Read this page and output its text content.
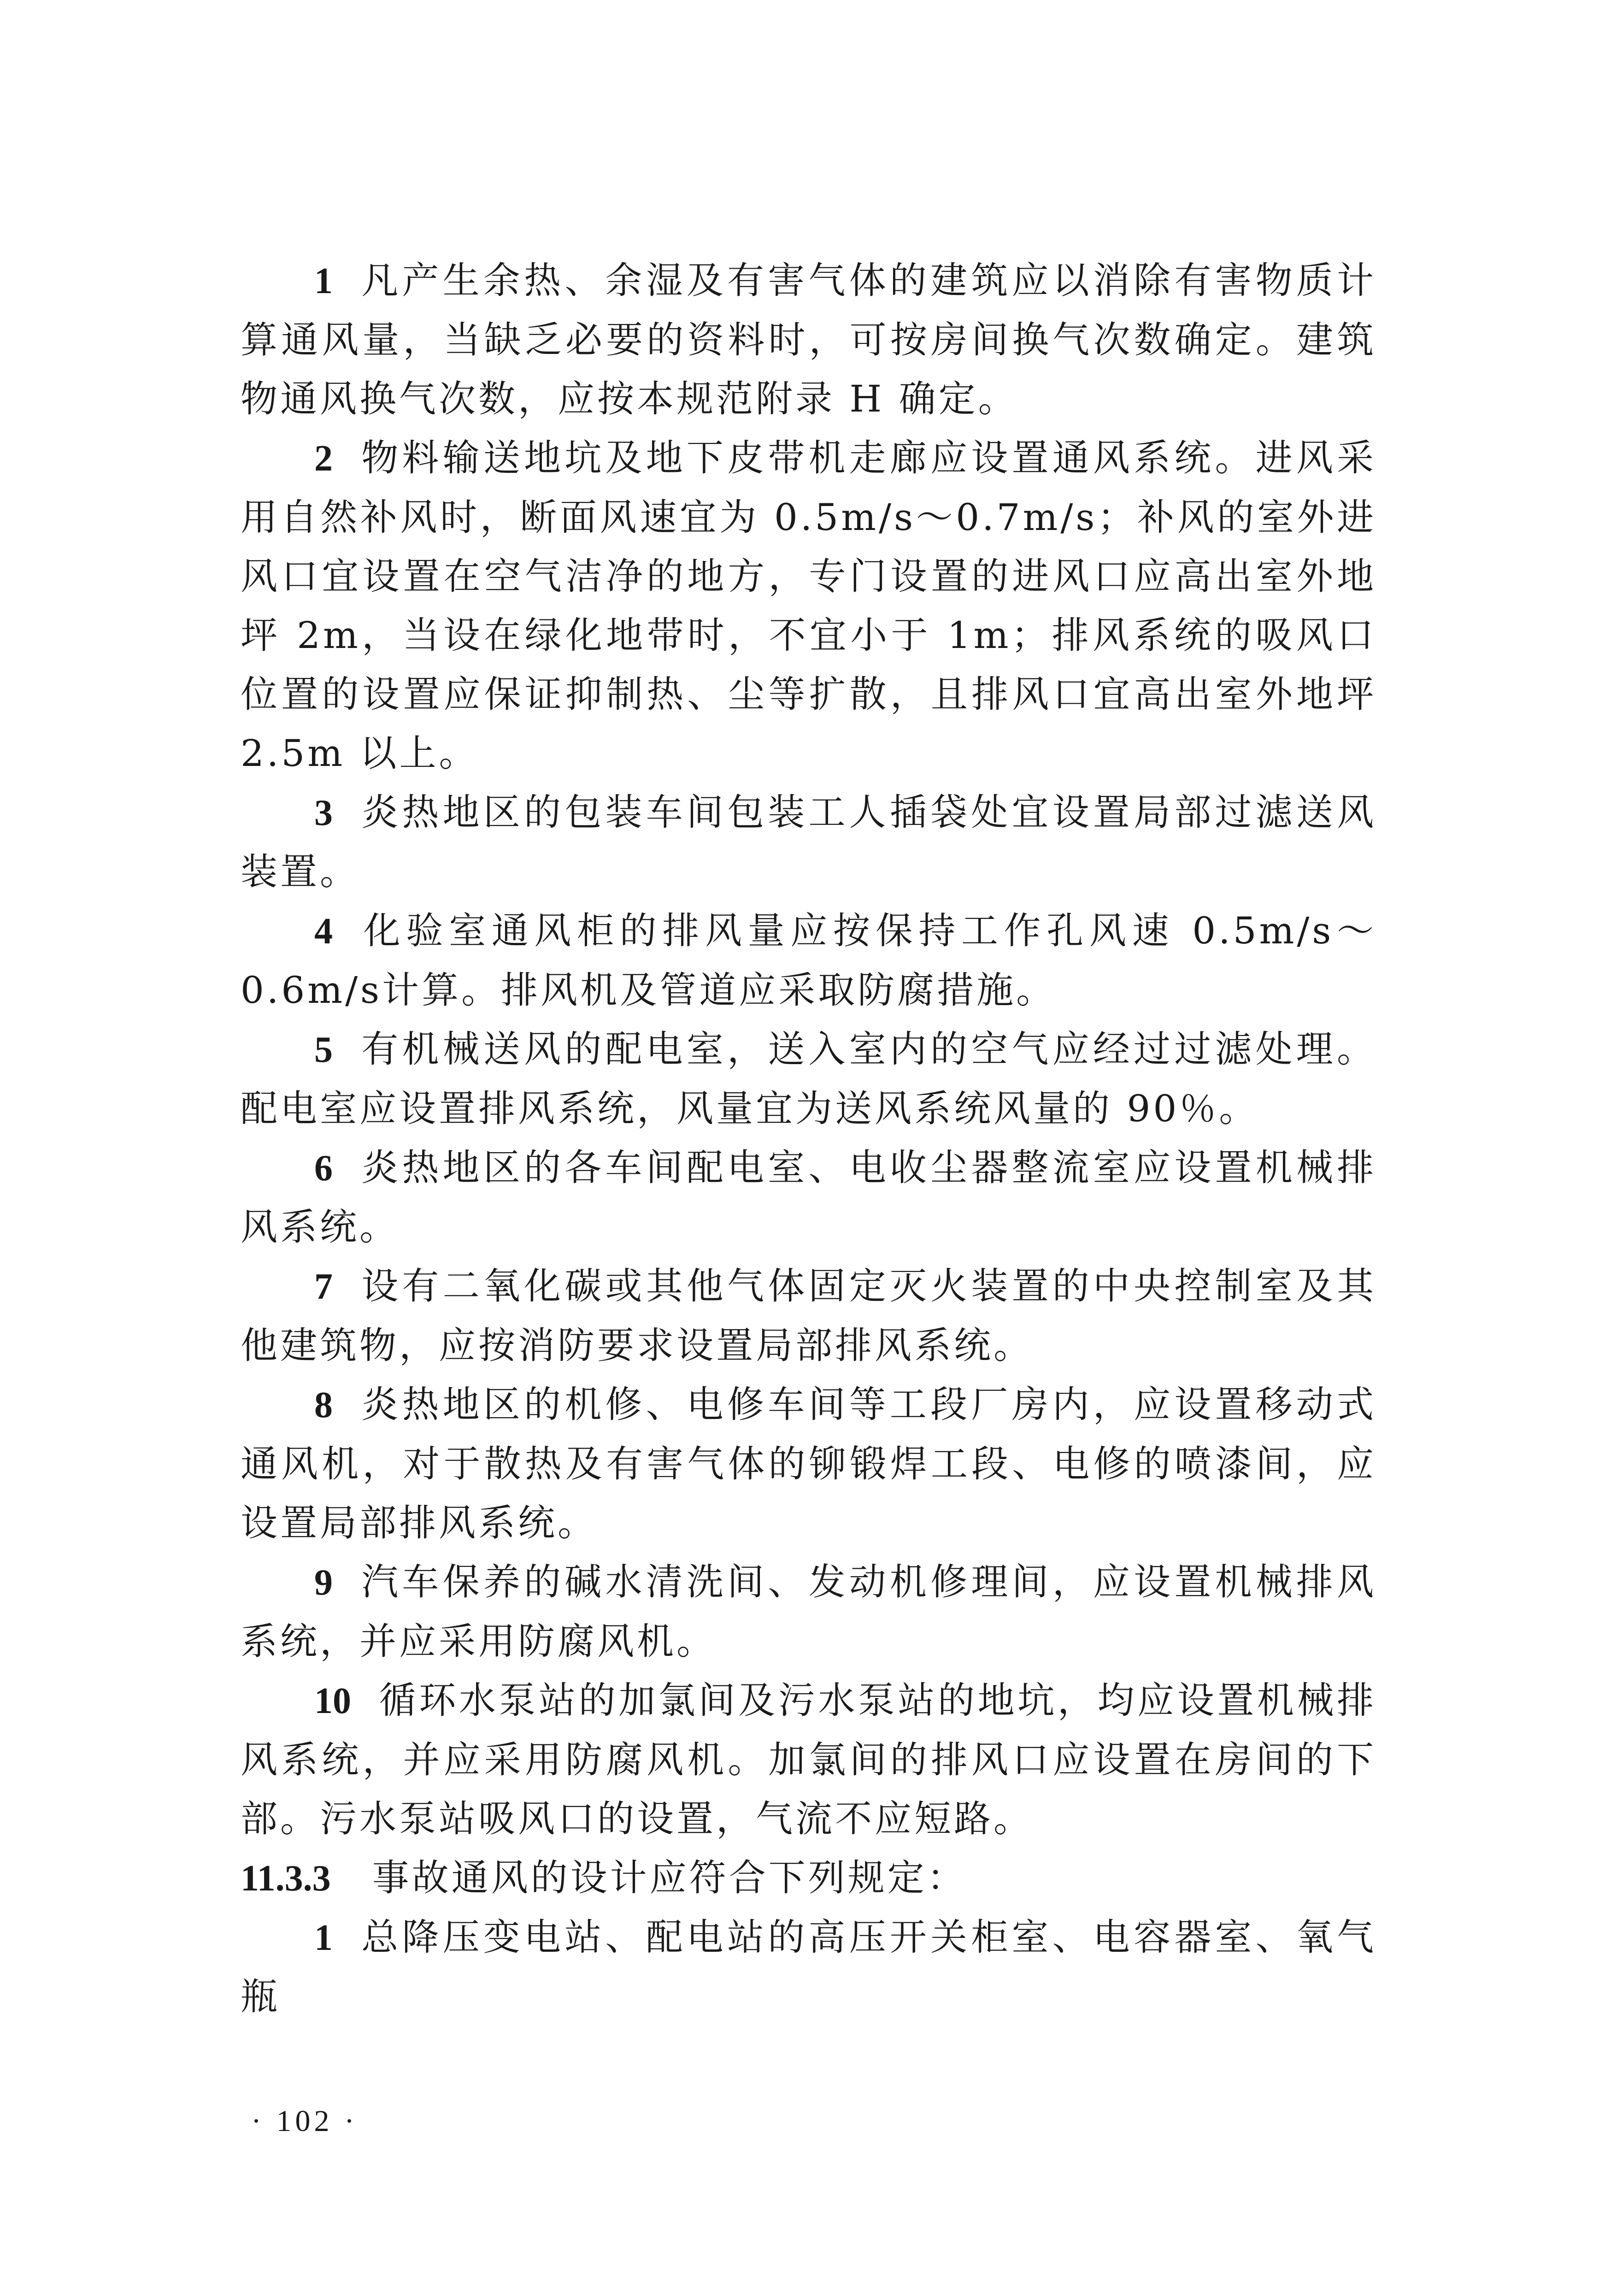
1 凡产生余热、余湿及有害气体的建筑应以消除有害物质计算通风量，当缺乏必要的资料时，可按房间换气次数确定。建筑物通风换气次数，应按本规范附录 H 确定。

2 物料输送地坑及地下皮带机走廊应设置通风系统。进风采用自然补风时，断面风速宜为 0.5m/s～0.7m/s；补风的室外进风口宜设置在空气洁净的地方，专门设置的进风口应高出室外地坪 2m，当设在绿化地带时，不宜小于 1m；排风系统的吸风口位置的设置应保证抑制热、尘等扩散，且排风口宜高出室外地坪 2.5m 以上。

3 炎热地区的包装车间包装工人插袋处宜设置局部过滤送风装置。

4 化验室通风柜的排风量应按保持工作孔风速 0.5m/s～0.6m/s计算。排风机及管道应采取防腐措施。

5 有机械送风的配电室，送入室内的空气应经过过滤处理。配电室应设置排风系统，风量宜为送风系统风量的 90％。

6 炎热地区的各车间配电室、电收尘器整流室应设置机械排风系统。

7 设有二氧化碳或其他气体固定灭火装置的中央控制室及其他建筑物，应按消防要求设置局部排风系统。

8 炎热地区的机修、电修车间等工段厂房内，应设置移动式通风机，对于散热及有害气体的铆锻焊工段、电修的喷漆间，应设置局部排风系统。

9 汽车保养的碱水清洗间、发动机修理间，应设置机械排风系统，并应采用防腐风机。

10 循环水泵站的加氯间及污水泵站的地坑，均应设置机械排风系统，并应采用防腐风机。加氯间的排风口应设置在房间的下部。污水泵站吸风口的设置，气流不应短路。

11.3.3 事故通风的设计应符合下列规定：

1 总降压变电站、配电站的高压开关柜室、电容器室、氧气瓶

· 102 ·
